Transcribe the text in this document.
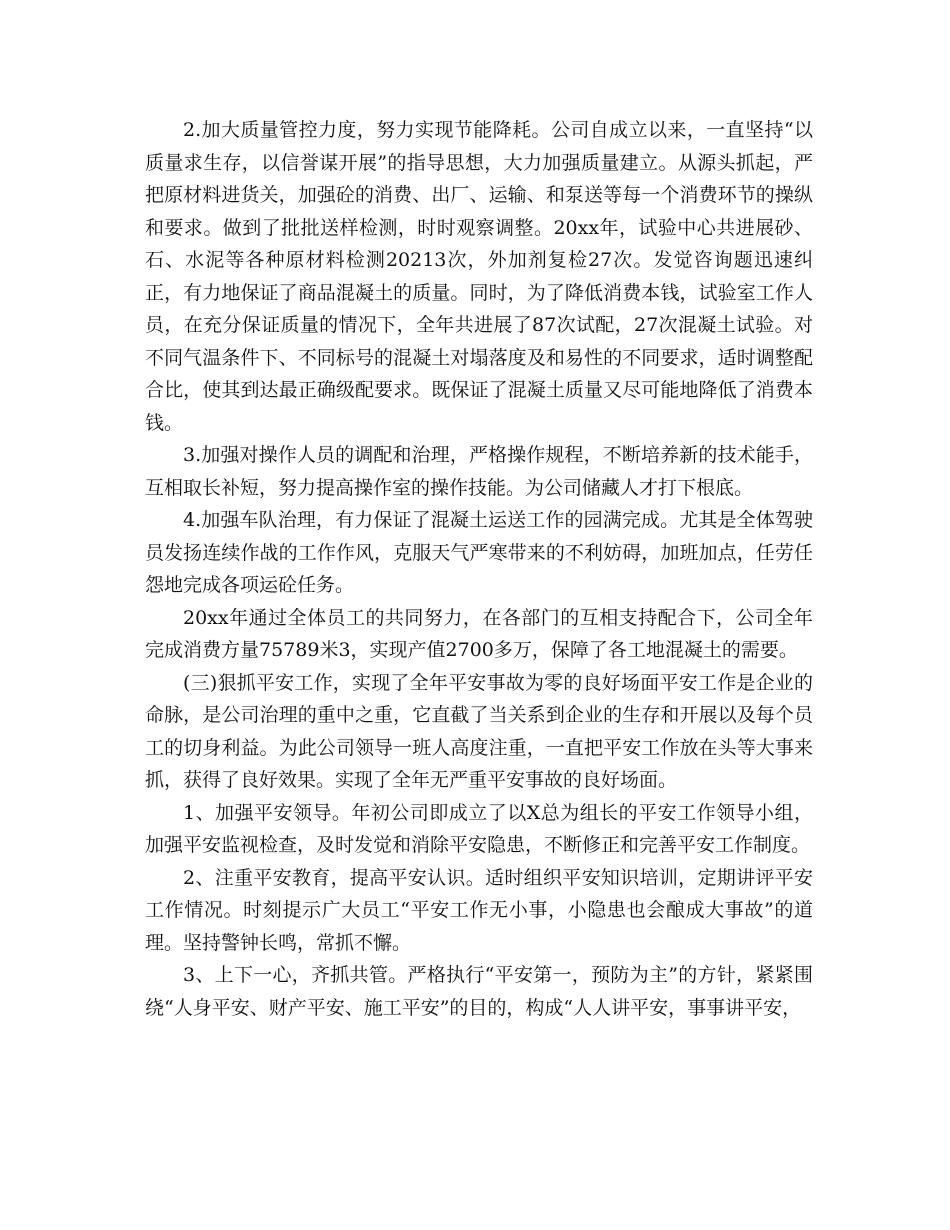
2.加大质量管控力度，努力实现节能降耗。公司自成立以来，一直坚持“以质量求生存，以信誉谋开展”的指导思想，大力加强质量建立。从源头抓起，严把原材料进货关，加强砼的消费、出厂、运输、和泵送等每一个消费环节的操纵和要求。做到了批批送样检测，时时观察调整。20xx年，试验中心共进展砂、石、水泥等各种原材料检测20213次，外加剂复检27次。发觉咨询题迅速纠正，有力地保证了商品混凝土的质量。同时，为了降低消费本钱，试验室工作人员，在充分保证质量的情况下，全年共进展了87次试配，27次混凝土试验。对不同气温条件下、不同标号的混凝土对塌落度及和易性的不同要求，适时调整配合比，使其到达最正确级配要求。既保证了混凝土质量又尽可能地降低了消费本钱。

3.加强对操作人员的调配和治理，严格操作规程，不断培养新的技术能手，互相取长补短，努力提高操作室的操作技能。为公司储藏人才打下根底。

4.加强车队治理，有力保证了混凝土运送工作的园满完成。尤其是全体驾驶员发扬连续作战的工作作风，克服天气严寒带来的不利妨碍，加班加点，任劳任怨地完成各项运砼任务。

20xx年通过全体员工的共同努力，在各部门的互相支持配合下，公司全年完成消费方量75789米3，实现产值2700多万，保障了各工地混凝土的需要。

(三)狠抓平安工作，实现了全年平安事故为零的良好场面平安工作是企业的命脉，是公司治理的重中之重，它直截了当关系到企业的生存和开展以及每个员工的切身利益。为此公司领导一班人高度注重，一直把平安工作放在头等大事来抓，获得了良好效果。实现了全年无严重平安事故的良好场面。

1、加强平安领导。年初公司即成立了以X总为组长的平安工作领导小组，加强平安监视检查，及时发觉和消除平安隐患，不断修正和完善平安工作制度。

2、注重平安教育，提高平安认识。适时组织平安知识培训，定期讲评平安工作情况。时刻提示广大员工“平安工作无小事，小隐患也会酿成大事故”的道理。坚持警钟长鸣，常抓不懈。

3、上下一心，齐抓共管。严格执行“平安第一，预防为主”的方针，紧紧围绕“人身平安、财产平安、施工平安”的目的，构成“人人讲平安，事事讲平安，
